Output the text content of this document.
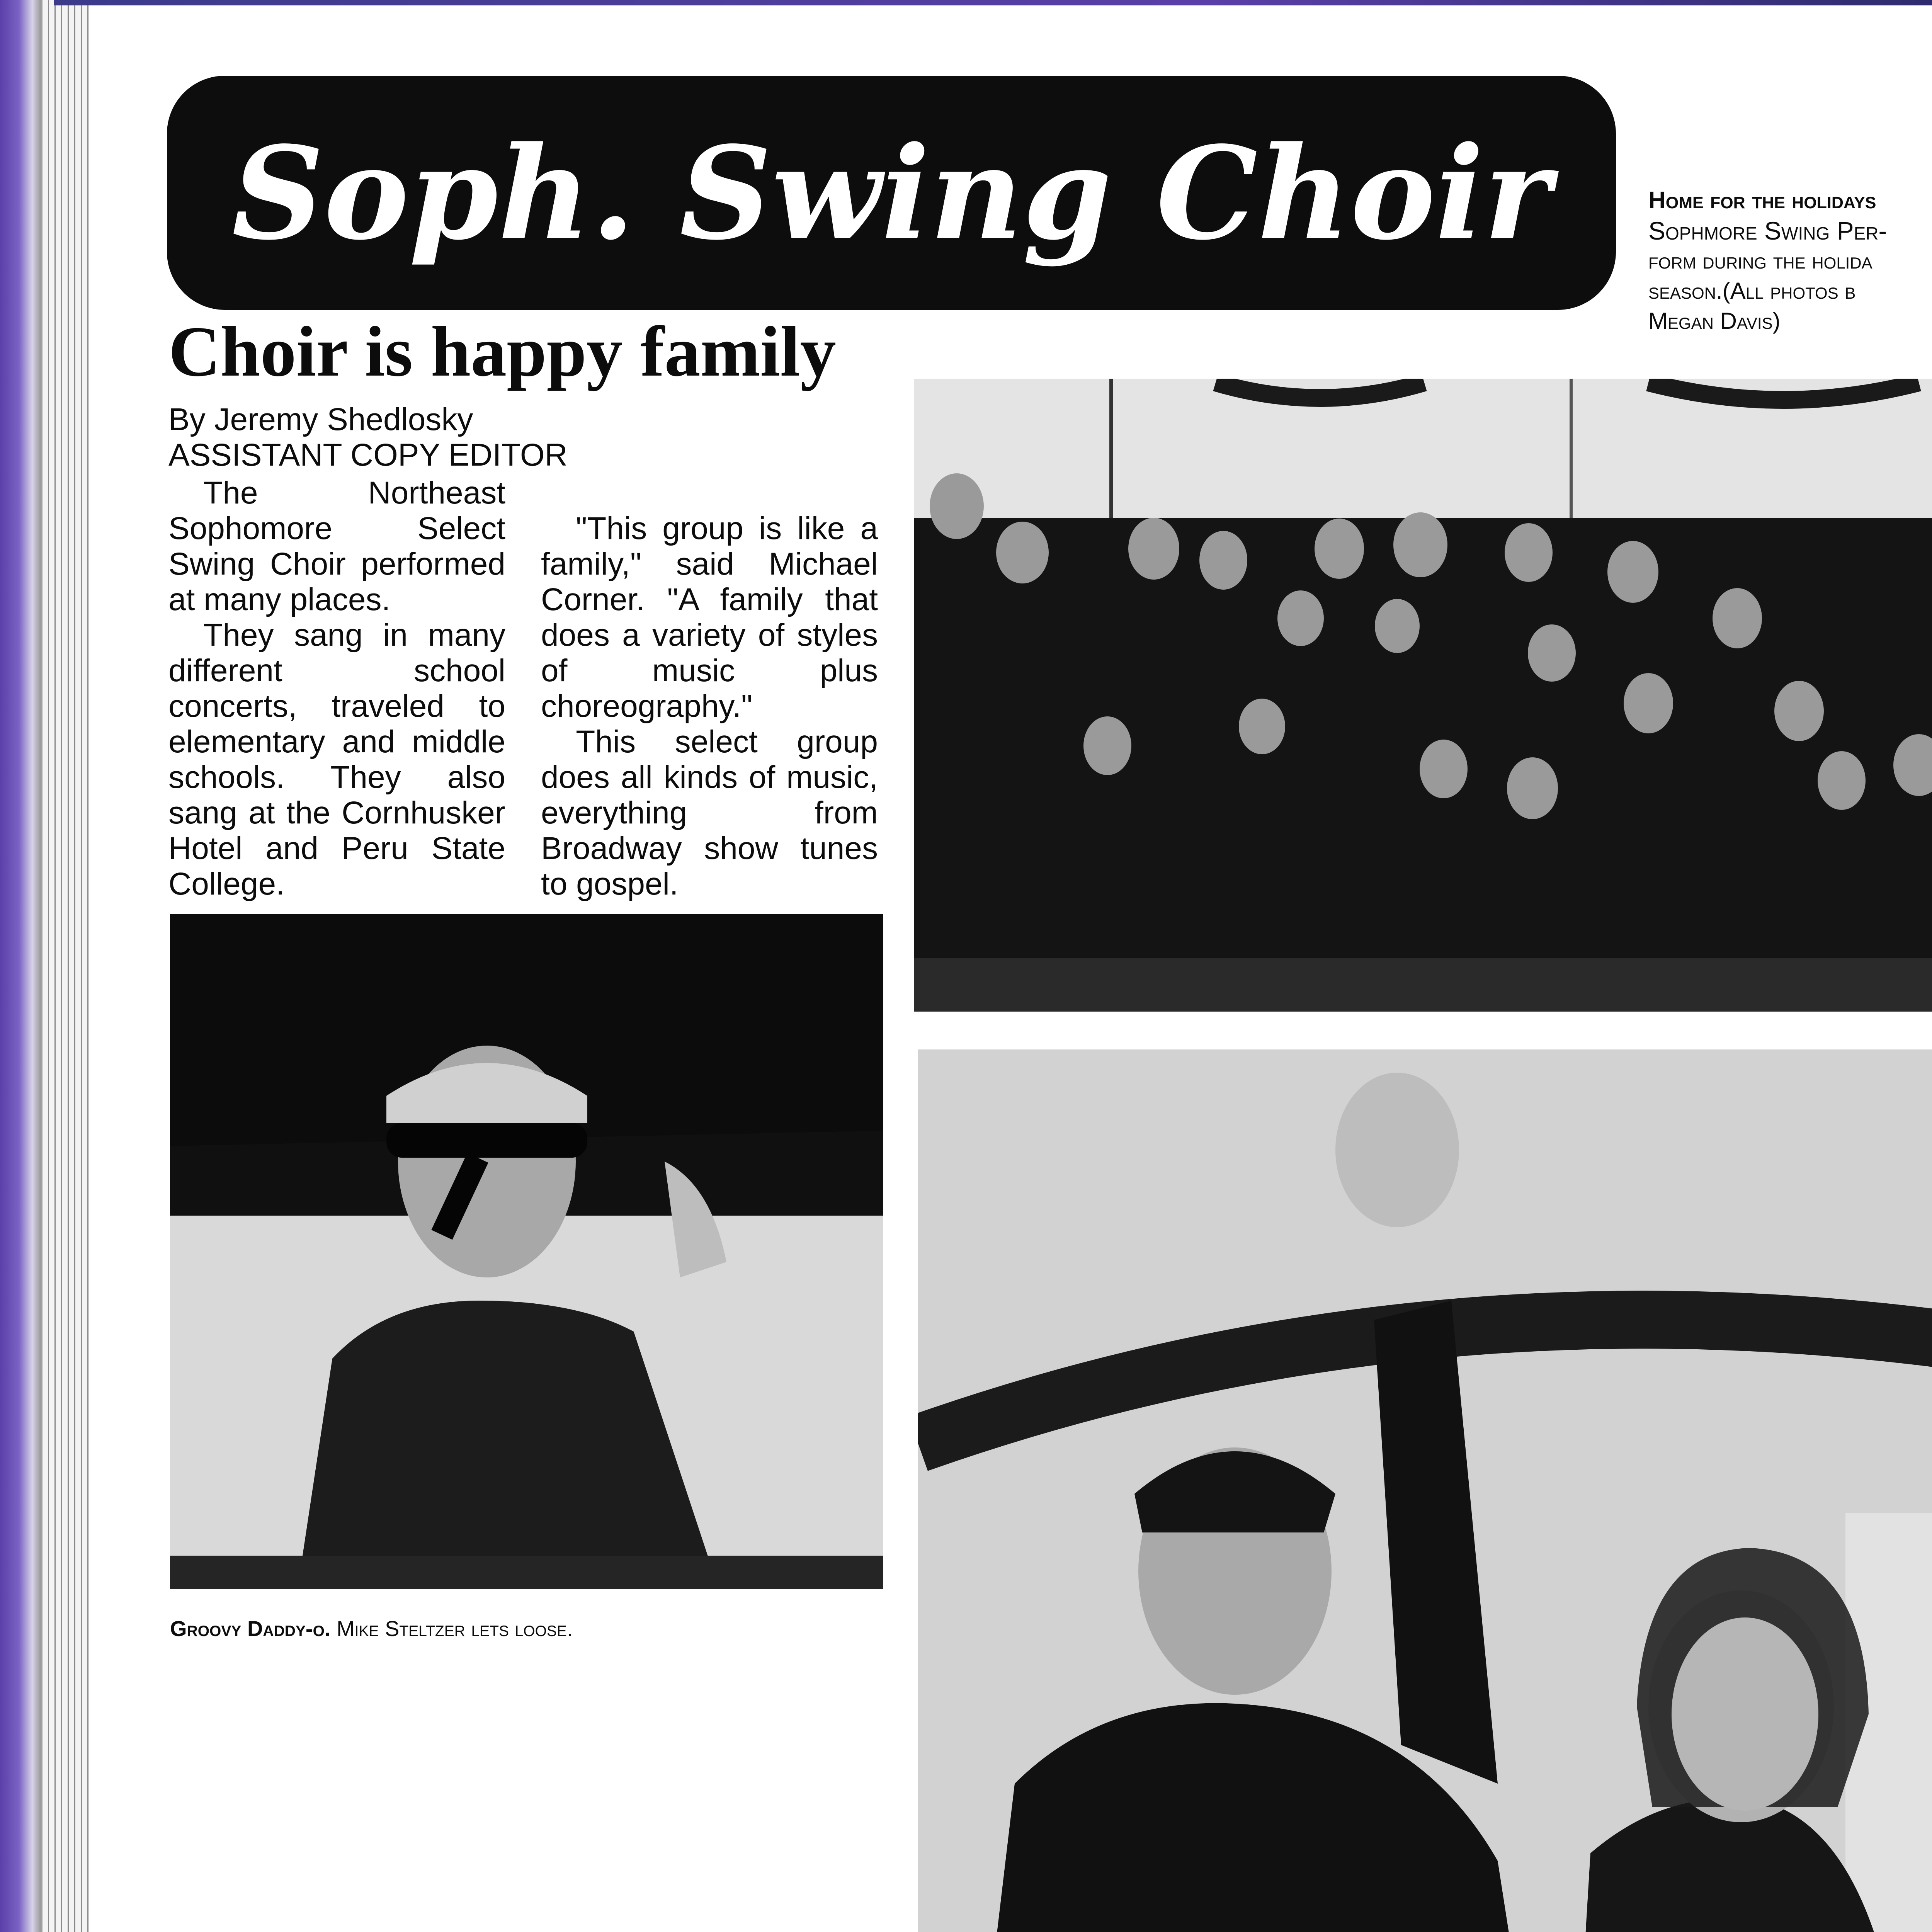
Soph. Swing Choir
Choir is happy family
By Jeremy Shedlosky
ASSISTANT COPY EDITOR

The Northeast Sophomore Select Swing Choir performed at many places.

They sang in many different school concerts, traveled to elementary and middle schools. They also sang at the Cornhusker Hotel and Peru State College.

"This group is like a family," said Michael Corner. "A family that does a variety of styles of music plus choreography."

This select group does all kinds of music, everything from Broadway show tunes to gospel.

Home for the holidays
Sophmore Swing Per-
form during the holida
season.(All photos b
Megan Davis)
Groovy Daddy-o. Mike Steltzer lets loose.
